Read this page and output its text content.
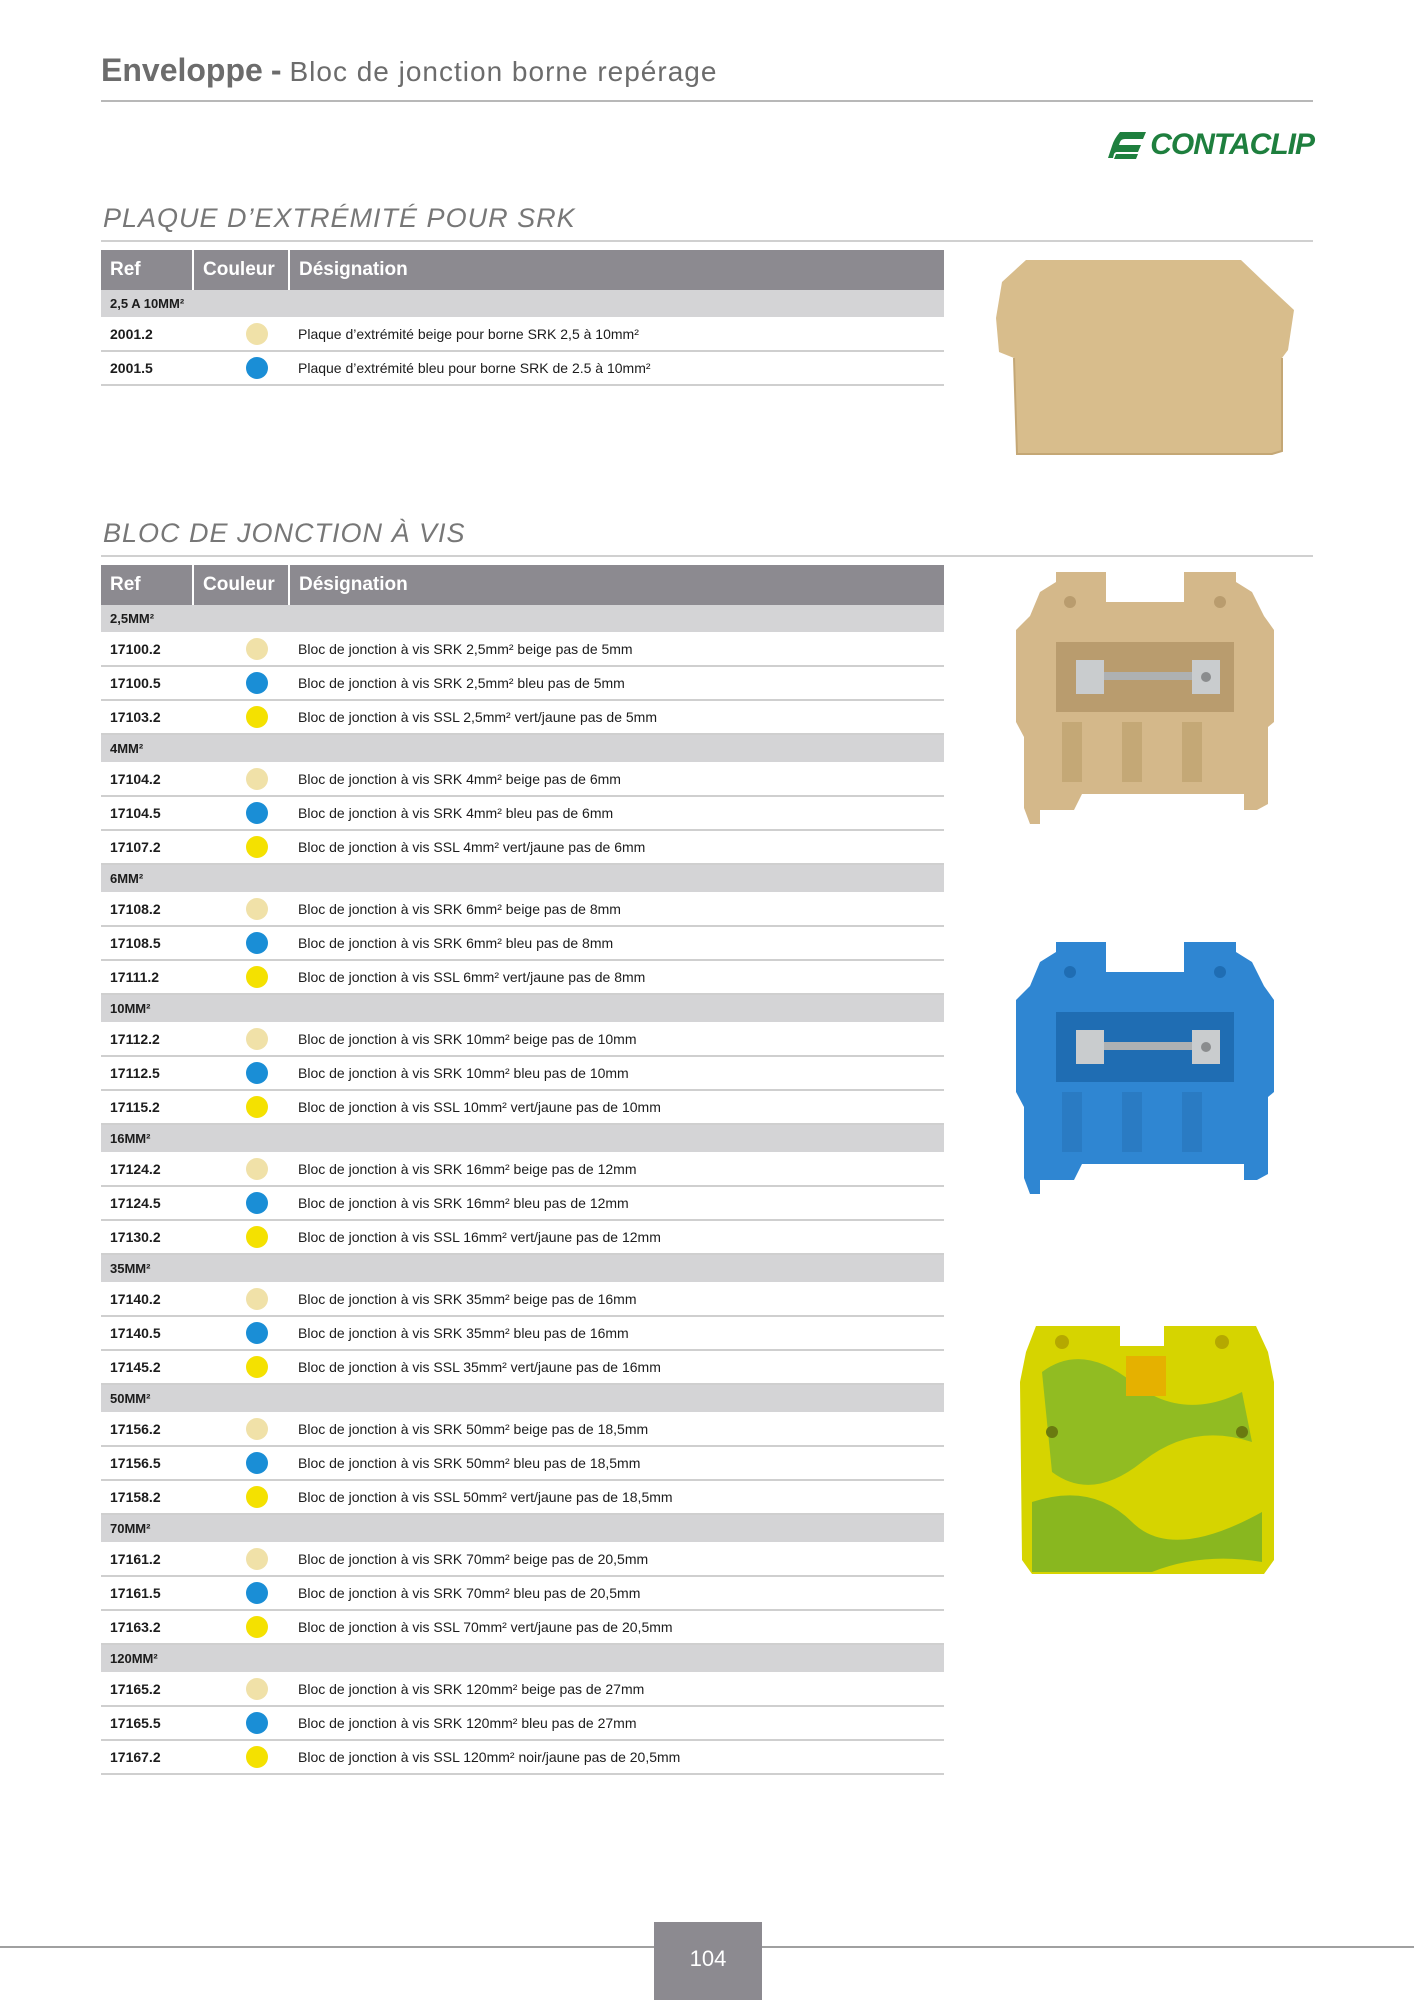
Enveloppe - Bloc de jonction borne repérage
CONTACLIP
PLAQUE D’EXTRÉMITÉ POUR SRK
Ref	Couleur	Désignation
2,5 A 10MM²		
2001.2		Plaque d’extrémité beige pour borne SRK 2,5 à 10mm²
2001.5		Plaque d’extrémité bleu pour borne SRK de 2.5 à 10mm²
BLOC DE JONCTION À VIS
Ref	Couleur	Désignation
2,5MM²		
17100.2		Bloc de jonction à vis SRK 2,5mm² beige pas de 5mm
17100.5		Bloc de jonction à vis SRK 2,5mm² bleu pas de 5mm
17103.2		Bloc de jonction à vis SSL 2,5mm² vert/jaune pas de 5mm
4MM²		
17104.2		Bloc de jonction à vis SRK 4mm² beige pas de 6mm
17104.5		Bloc de jonction à vis SRK 4mm² bleu pas de 6mm
17107.2		Bloc de jonction à vis SSL 4mm² vert/jaune pas de 6mm
6MM²		
17108.2		Bloc de jonction à vis SRK 6mm² beige pas de 8mm
17108.5		Bloc de jonction à vis SRK 6mm² bleu pas de 8mm
17111.2		Bloc de jonction à vis SSL 6mm² vert/jaune pas de 8mm
10MM²		
17112.2		Bloc de jonction à vis SRK 10mm² beige pas de 10mm
17112.5		Bloc de jonction à vis SRK 10mm² bleu pas de 10mm
17115.2		Bloc de jonction à vis SSL 10mm² vert/jaune pas de 10mm
16MM²		
17124.2		Bloc de jonction à vis SRK 16mm² beige pas de 12mm
17124.5		Bloc de jonction à vis SRK 16mm² bleu pas de 12mm
17130.2		Bloc de jonction à vis SSL 16mm² vert/jaune pas de 12mm
35MM²		
17140.2		Bloc de jonction à vis SRK 35mm² beige pas de 16mm
17140.5		Bloc de jonction à vis SRK 35mm² bleu pas de 16mm
17145.2		Bloc de jonction à vis SSL 35mm² vert/jaune pas de 16mm
50MM²		
17156.2		Bloc de jonction à vis SRK 50mm² beige pas de 18,5mm
17156.5		Bloc de jonction à vis SRK 50mm² bleu pas de 18,5mm
17158.2		Bloc de jonction à vis SSL 50mm² vert/jaune pas de 18,5mm
70MM²		
17161.2		Bloc de jonction à vis SRK 70mm² beige pas de 20,5mm
17161.5		Bloc de jonction à vis SRK 70mm² bleu pas de 20,5mm
17163.2		Bloc de jonction à vis SSL 70mm² vert/jaune pas de 20,5mm
120MM²		
17165.2		Bloc de jonction à vis SRK 120mm² beige pas de 27mm
17165.5		Bloc de jonction à vis SRK 120mm² bleu pas de 27mm
17167.2		Bloc de jonction à vis SSL 120mm² noir/jaune pas de 20,5mm
104
